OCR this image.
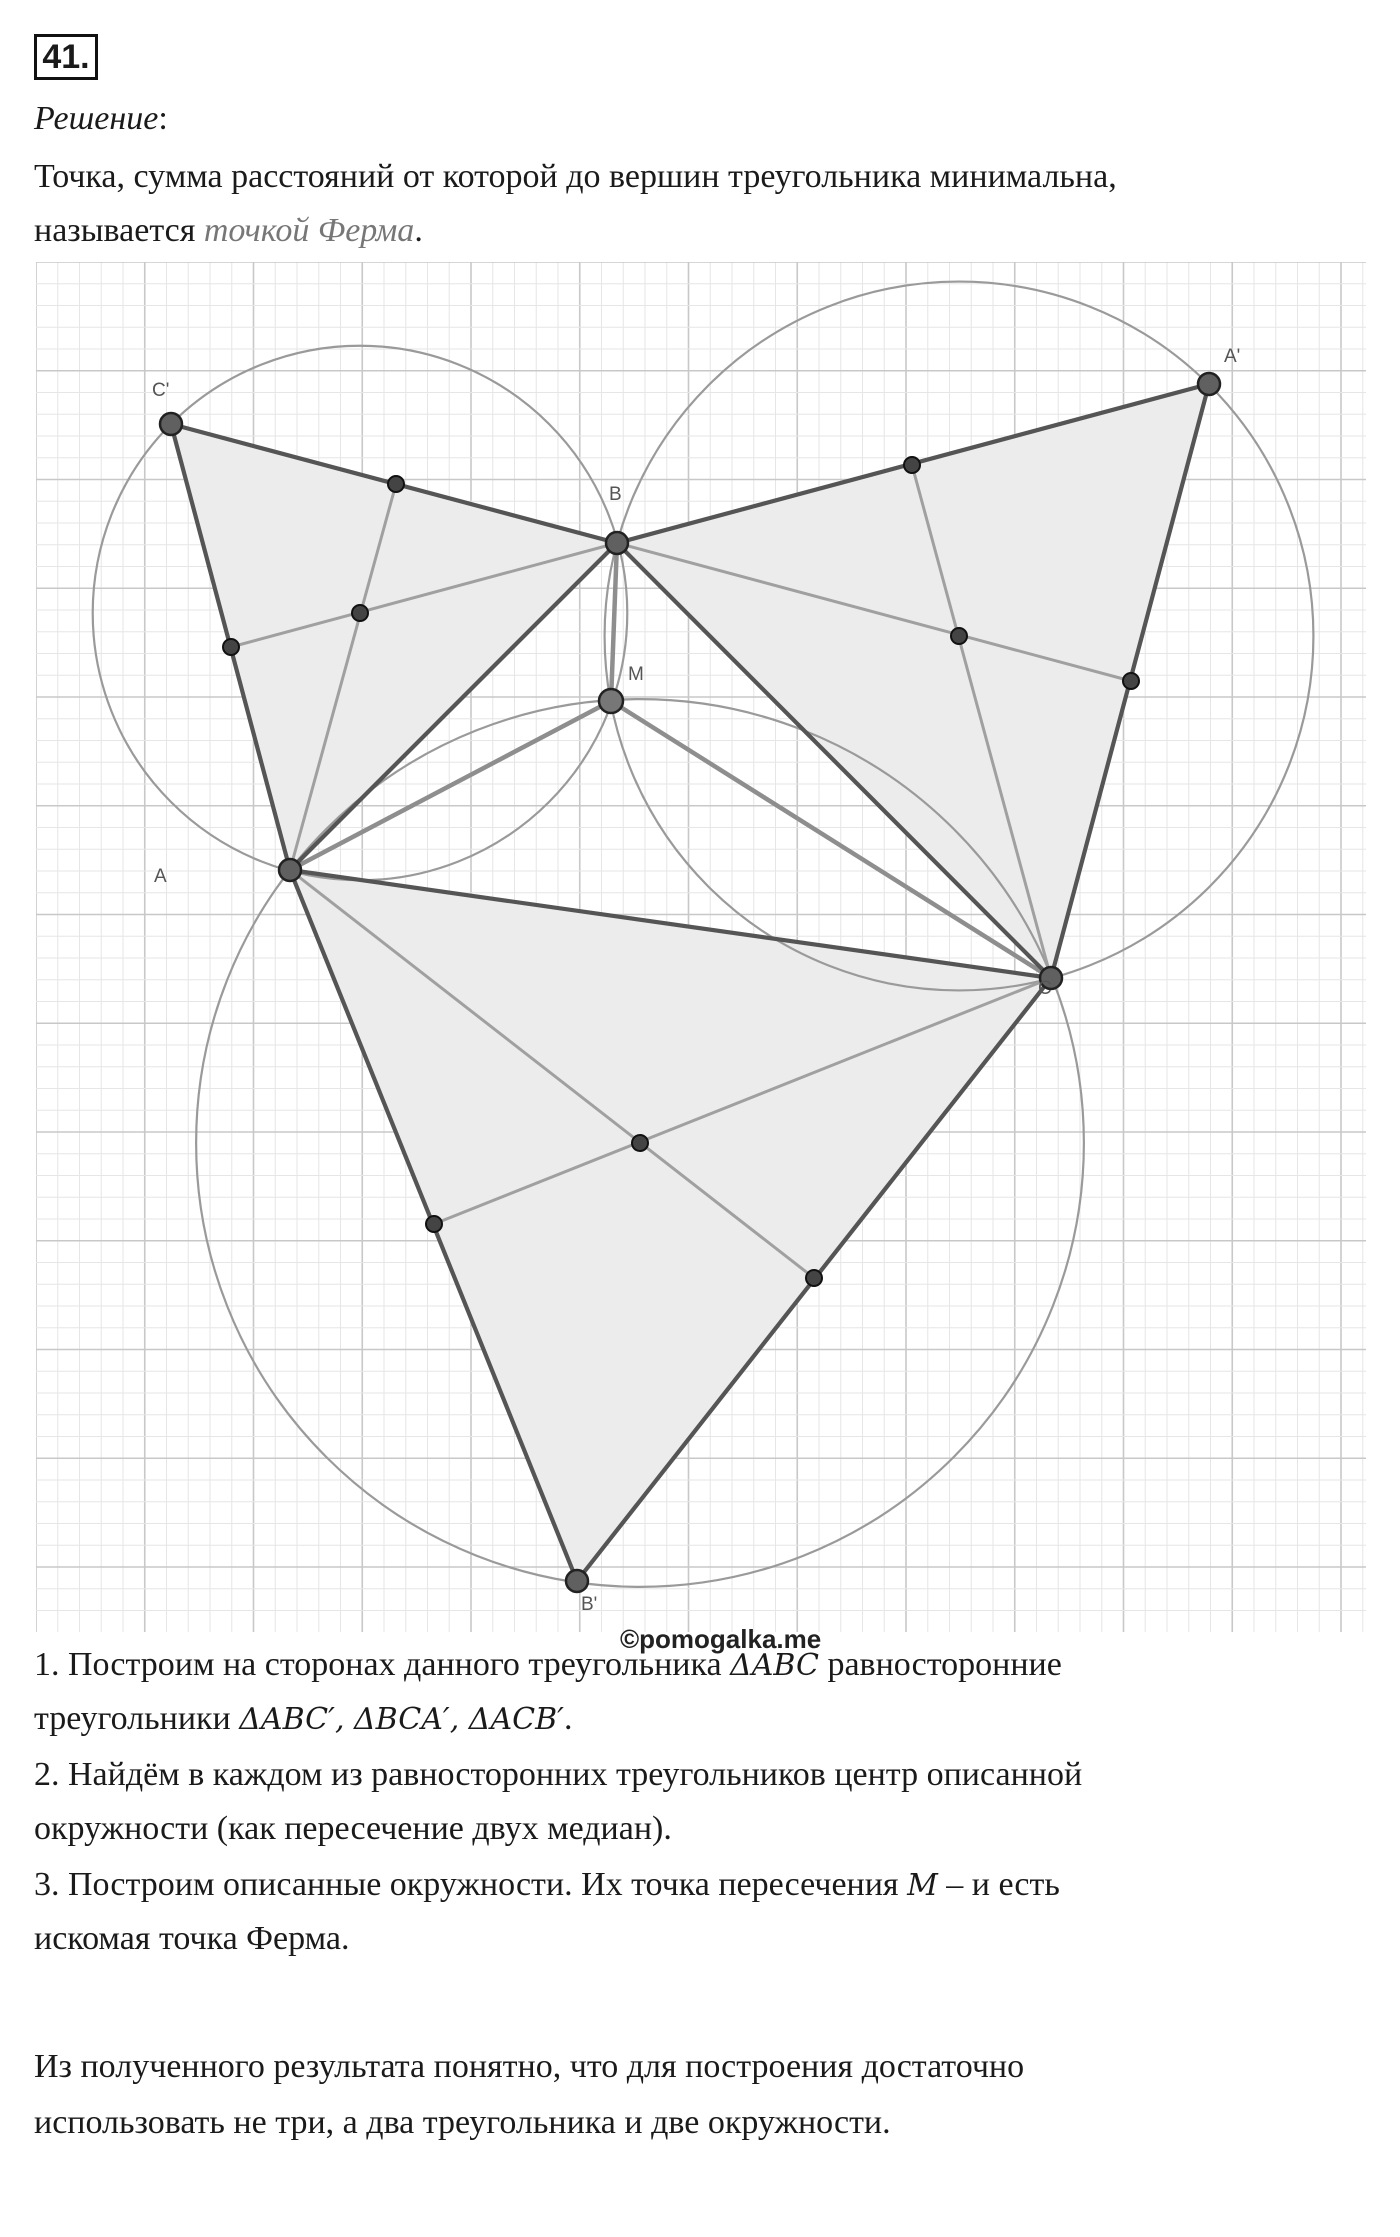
41.
Решение:
Точка, сумма расстояний от которой до вершин треугольника минимальна,
называется точкой Ферма.
A
B
C
M
A'
B'
C'
©pomogalka.me
1. Построим на сторонах данного треугольника ΔABC равносторонние
треугольники ΔABC′, ΔBCA′, ΔACB′.
2. Найдём в каждом из равносторонних треугольников центр описанной
окружности (как пересечение двух медиан).
3. Построим описанные окружности. Их точка пересечения M – и есть
искомая точка Ферма.
Из полученного результата понятно, что для построения достаточно
использовать не три, а два треугольника и две окружности.
